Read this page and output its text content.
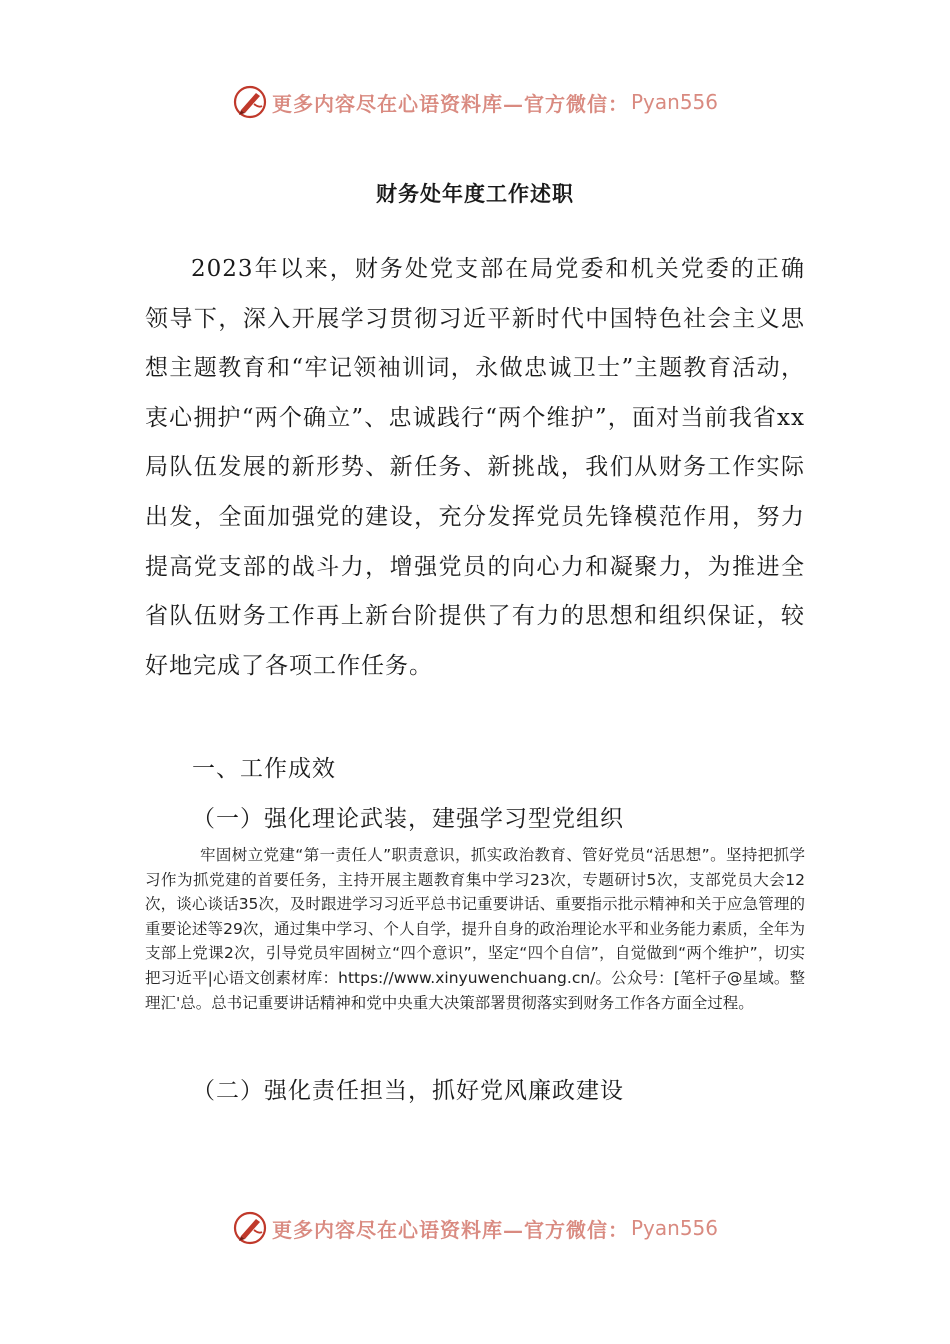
更多内容尽在心语资料库—官方微信： Pyan556
财务处年度工作述职

2023年以来，财务处党支部在局党委和机关党委的正确领导下，深入开展学习贯彻习近平新时代中国特色社会主义思想主题教育和“牢记领袖训词，永做忠诚卫士”主题教育活动，衷心拥护“两个确立”、忠诚践行“两个维护”，面对当前我省xx局队伍发展的新形势、新任务、新挑战，我们从财务工作实际出发，全面加强党的建设，充分发挥党员先锋模范作用，努力提高党支部的战斗力，增强党员的向心力和凝聚力，为推进全省队伍财务工作再上新台阶提供了有力的思想和组织保证，较好地完成了各项工作任务。

一、工作成效
（一）强化理论武装，建强学习型党组织

牢固树立党建“第一责任人”职责意识，抓实政治教育、管好党员“活思想”。坚持把抓学习作为抓党建的首要任务，主持开展主题教育集中学习23次，专题研讨5次，支部党员大会12次，谈心谈话35次，及时跟进学习习近平总书记重要讲话、重要指示批示精神和关于应急管理的重要论述等29次，通过集中学习、个人自学，提升自身的政治理论水平和业务能力素质，全年为支部上党课2次，引导党员牢固树立“四个意识”，坚定“四个自信”，自觉做到“两个维护”，切实把习近平|心语文创素材库：https://www.xinyuwenchuang.cn/。公众号：[笔杆子@星域。整理汇'总。总书记重要讲话精神和党中央重大决策部署贯彻落实到财务工作各方面全过程。

（二）强化责任担当，抓好党风廉政建设
更多内容尽在心语资料库—官方微信： Pyan556
